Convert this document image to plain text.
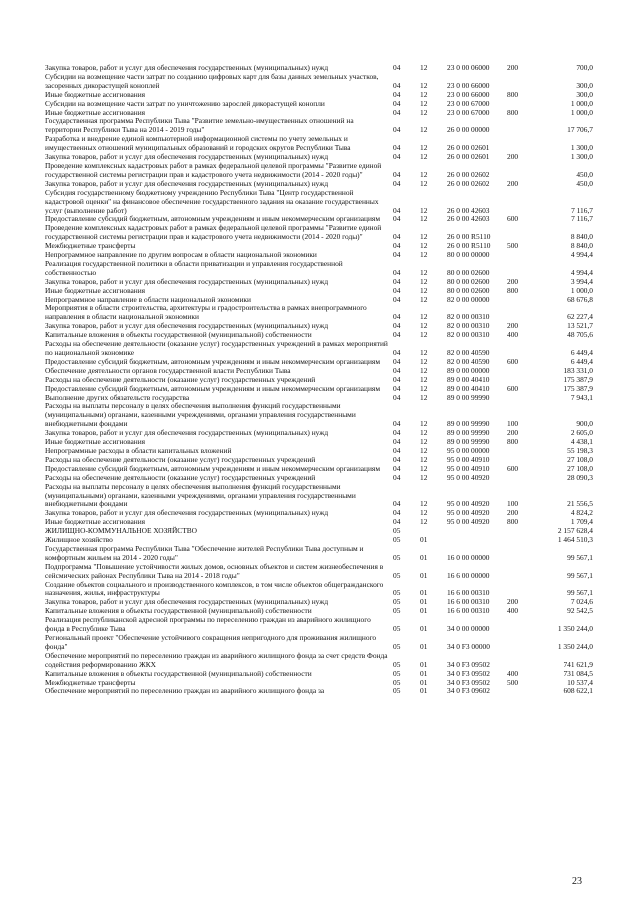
Закупка товаров, работ и услуг для обеспечения государственных (муниципальных) нужд	04	12	23 0 00 06000	200	700,0
Субсидии на возмещение части затрат по созданию цифровых карт для базы данных земельных участков, засоренных дикорастущей коноплей	04	12	23 0 00 66000	300,0
Иные бюджетные ассигнования	04	12	23 0 00 66000	800	300,0
Субсидии на возмещение части затрат по уничтожению зарослей дикорастущей конопли	04	12	23 0 00 67000	1 000,0
Иные бюджетные ассигнования	04	12	23 0 00 67000	800	1 000,0
Государственная программа Республики Тыва "Развитие земельно-имущественных отношений на территории Республики Тыва на 2014 - 2019 годы"	04	12	26 0 00 00000	17 706,7
Разработка и внедрение единой компьютерной информационной системы по учету земельных и имущественных отношений муниципальных образований и городских округов Республики Тыва	04	12	26 0 00 02601	1 300,0
Закупка товаров, работ и услуг для обеспечения государственных (муниципальных) нужд	04	12	26 0 00 02601	200	1 300,0
Проведение комплексных кадастровых работ в рамках федеральной целевой программы "Развитие единой государственной системы регистрации прав и кадастрового учета недвижимости (2014 - 2020 годы)"	04	12	26 0 00 02602	450,0
Закупка товаров, работ и услуг для обеспечения государственных (муниципальных) нужд	04	12	26 0 00 02602	200	450,0
Субсидия государственному бюджетному учреждению Республики Тыва "Центр государственной кадастровой оценки" на финансовое обеспечение государственного задания на оказание государственных услуг (выполнение работ)	04	12	26 0 00 42603	7 116,7
Предоставление субсидий бюджетным, автономным учреждениям и иным некоммерческим организациям	04	12	26 0 00 42603	600	7 116,7
Проведение комплексных кадастровых работ в рамках федеральной целевой программы "Развитие единой государственной системы регистрации прав и кадастрового учета недвижимости (2014 - 2020 годы)"	04	12	26 0 00 R5110	8 840,0
Межбюджетные трансферты	04	12	26 0 00 R5110	500	8 840,0
Непрограммное направление по другим вопросам в области национальной экономики	04	12	80 0 00 00000	4 994,4
Реализация государственной политики в области приватизации и управления государственной собственностью	04	12	80 0 00 02600	4 994,4
Закупка товаров, работ и услуг для обеспечения государственных (муниципальных) нужд	04	12	80 0 00 02600	200	3 994,4
Иные бюджетные ассигнования	04	12	80 0 00 02600	800	1 000,0
Непрограммное направление в области национальной экономики	04	12	82 0 00 00000	68 676,8
Мероприятия в области строительства, архитектуры и градостроительства в рамках внепрограммного направления в области национальной экономики	04	12	82 0 00 00310	62 227,4
Закупка товаров, работ и услуг для обеспечения государственных (муниципальных) нужд	04	12	82 0 00 00310	200	13 521,7
Капитальные вложения в объекты государственной (муниципальной) собственности	04	12	82 0 00 00310	400	48 705,6
Расходы на обеспечение деятельности (оказание услуг) государственных учреждений в рамках мероприятий по национальной экономике	04	12	82 0 00 40590	6 449,4
Предоставление субсидий бюджетным, автономным учреждениям и иным некоммерческим организациям	04	12	82 0 00 40590	600	6 449,4
Обеспечение деятельности органов государственной власти Республики Тыва	04	12	89 0 00 00000	183 331,0
Расходы на обеспечение деятельности (оказание услуг) государственных учреждений	04	12	89 0 00 40410	175 387,9
Предоставление субсидий бюджетным, автономным учреждениям и иным некоммерческим организациям	04	12	89 0 00 40410	600	175 387,9
Выполнение других обязательств государства	04	12	89 0 00 99990	7 943,1
Расходы на выплаты персоналу в целях обеспечения выполнения функций государственными (муниципальными) органами, казенными учреждениями, органами управления государственными внебюджетными фондами	04	12	89 0 00 99990	100	900,0
Закупка товаров, работ и услуг для обеспечения государственных (муниципальных) нужд	04	12	89 0 00 99990	200	2 605,0
Иные бюджетные ассигнования	04	12	89 0 00 99990	800	4 438,1
Непрограммные расходы в области капитальных вложений	04	12	95 0 00 00000	55 198,3
Расходы на обеспечение деятельности (оказание услуг) государственных учреждений	04	12	95 0 00 40910	27 108,0
Предоставление субсидий бюджетным, автономным учреждениям и иным некоммерческим организациям	04	12	95 0 00 40910	600	27 108,0
Расходы на обеспечение деятельности (оказание услуг) государственных учреждений	04	12	95 0 00 40920	28 090,3
Расходы на выплаты персоналу в целях обеспечения выполнения функций государственными (муниципальными) органами, казенными учреждениями, органами управления государственными внебюджетными фондами	04	12	95 0 00 40920	100	21 556,5
Закупка товаров, работ и услуг для обеспечения государственных (муниципальных) нужд	04	12	95 0 00 40920	200	4 824,2
Иные бюджетные ассигнования	04	12	95 0 00 40920	800	1 709,4
ЖИЛИЩНО-КОММУНАЛЬНОЕ ХОЗЯЙСТВО	05	2 157 628,4
Жилищное хозяйство	05	01	1 464 510,3
Государственная программа Республики Тыва "Обеспечение жителей Республики Тыва доступным и комфортным жильем на 2014 - 2020 годы"	05	01	16 0 00 00000	99 567,1
Подпрограмма "Повышение устойчивости жилых домов, основных объектов и систем жизнеобеспечения в сейсмических районах Республики Тыва на 2014 - 2018 годы"	05	01	16 6 00 00000	99 567,1
Создание объектов социального и производственного комплексов, в том числе объектов общегражданского назначения, жилья, инфраструктуры	05	01	16 6 00 00310	99 567,1
Закупка товаров, работ и услуг для обеспечения государственных (муниципальных) нужд	05	01	16 6 00 00310	200	7 024,6
Капитальные вложения в объекты государственной (муниципальной) собственности	05	01	16 6 00 00310	400	92 542,5
Реализация республиканской адресной программы по переселению граждан из аварийного жилищного фонда в Республике Тыва	05	01	34 0 00 00000	1 350 244,0
Региональный проект "Обеспечение устойчивого сокращения непригодного для проживания жилищного фонда"	05	01	34 0 F3 00000	1 350 244,0
Обеспечение мероприятий по переселению граждан из аварийного жилищного фонда за счет средств Фонда содействия реформированию ЖКХ	05	01	34 0 F3 09502	741 621,9
Капитальные вложения в объекты государственной (муниципальной) собственности	05	01	34 0 F3 09502	400	731 084,5
Межбюджетные трансферты	05	01	34 0 F3 09502	500	10 537,4
Обеспечение мероприятий по переселению граждан из аварийного жилищного фонда за	05	01	34 0 F3 09602	608 622,1
23
